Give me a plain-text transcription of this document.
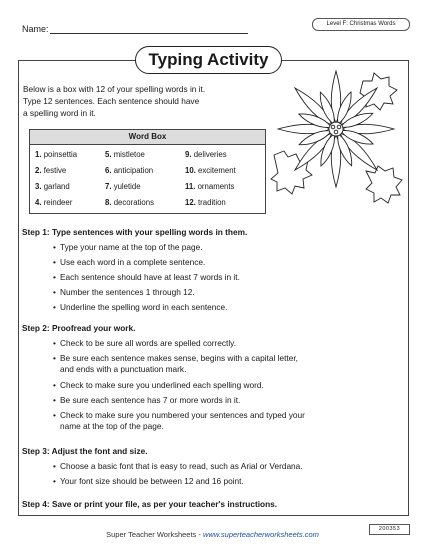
Name:	Level F: Christmas Words
Typing Activity
Below is a box with 12 of your spelling words in it.
Type 12 sentences. Each sentence should have
a spelling word in it.
Word Box
1. poinsettia
2. festive
3. garland
4. reindeer
5. mistletoe
6. anticipation
7. yuletide
8. decorations
9. deliveries
10. excitement
11. ornaments
12. tradition
Step 1: Type sentences with your spelling words in them.
• Type your name at the top of the page.
• Use each word in a complete sentence.
• Each sentence should have at least 7 words in it.
• Number the sentences 1 through 12.
• Underline the spelling word in each sentence.
Step 2: Proofread your work.
• Check to be sure all words are spelled correctly.
• Be sure each sentence makes sense, begins with a capital letter,
and ends with a punctuation mark.
• Check to make sure you underlined each spelling word.
• Be sure each sentence has 7 or more words in it.
• Check to make sure you numbered your sentences and typed your
name at the top of the page.
Step 3: Adjust the font and size.
• Choose a basic font that is easy to read, such as Arial or Verdana.
• Your font size should be between 12 and 16 point.
Step 4: Save or print your file, as per your teacher's instructions.
Super Teacher Worksheets - www.superteacherworksheets.com
200353
